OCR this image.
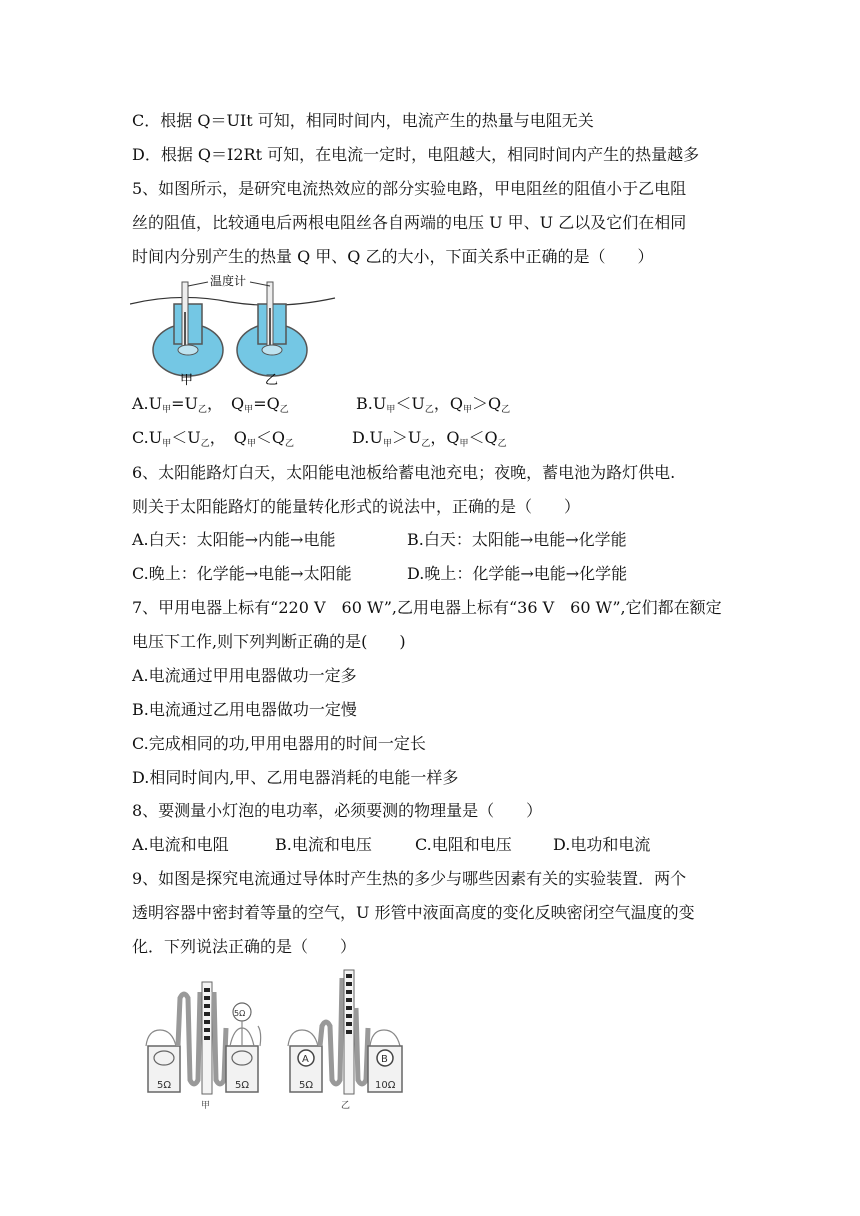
C．根据 Q＝UIt 可知，相同时间内，电流产生的热量与电阻无关
D．根据 Q＝I2Rt 可知，在电流一定时，电阻越大，相同时间内产生的热量越多
5、如图所示，是研究电流热效应的部分实验电路，甲电阻丝的阻值小于乙电阻
丝的阻值，比较通电后两根电阻丝各自两端的电压 U 甲、U 乙以及它们在相同
时间内分别产生的热量 Q 甲、Q 乙的大小，下面关系中正确的是（　　）
温度计
甲	乙
A.U甲=U乙，　Q甲=Q乙	B.U甲＜U乙，Q甲＞Q乙
C.U甲＜U乙，　Q甲＜Q乙	D.U甲＞U乙，Q甲＜Q乙
6、太阳能路灯白天，太阳能电池板给蓄电池充电；夜晚，蓄电池为路灯供电.
则关于太阳能路灯的能量转化形式的说法中，正确的是（　　）
A.白天：太阳能→内能→电能	B.白天：太阳能→电能→化学能
C.晚上：化学能→电能→太阳能	D.晚上：化学能→电能→化学能
7、甲用电器上标有“220 V　60 W”,乙用电器上标有“36 V　60 W”,它们都在额定
电压下工作,则下列判断正确的是(　　)
A.电流通过甲用电器做功一定多
B.电流通过乙用电器做功一定慢
C.完成相同的功,甲用电器用的时间一定长
D.相同时间内,甲、乙用电器消耗的电能一样多
8、要测量小灯泡的电功率，必须要测的物理量是（　　）
A.电流和电阻	B.电流和电压	C.电阻和电压	D.电功和电流
9、如图是探究电流通过导体时产生热的多少与哪些因素有关的实验装置．两个
透明容器中密封着等量的空气，U 形管中液面高度的变化反映密闭空气温度的变
化．下列说法正确的是（　　）
5Ω	5Ω
5Ω
甲
A
5Ω
B
10Ω
乙
